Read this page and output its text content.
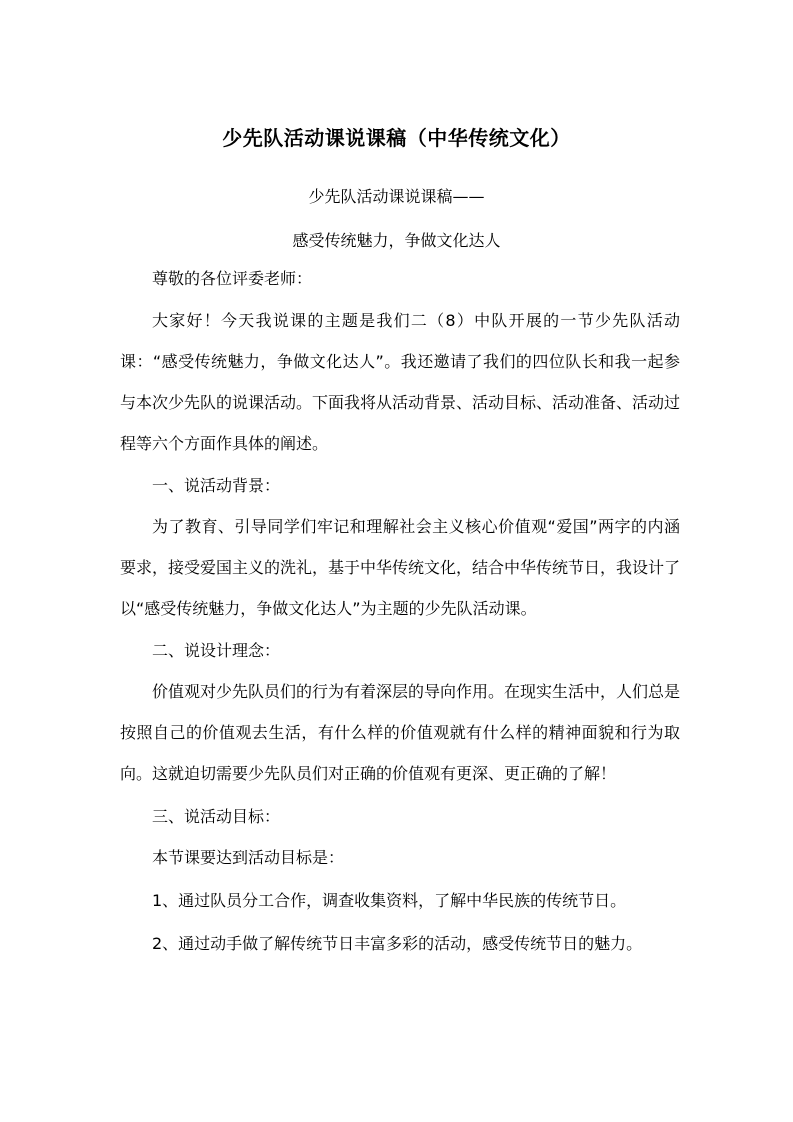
少先队活动课说课稿（中华传统文化）
少先队活动课说课稿——
感受传统魅力，争做文化达人
尊敬的各位评委老师：
大家好！今天我说课的主题是我们二（8）中队开展的一节少先队活动课：“感受传统魅力，争做文化达人”。我还邀请了我们的四位队长和我一起参与本次少先队的说课活动。下面我将从活动背景、活动目标、活动准备、活动过程等六个方面作具体的阐述。
一、说活动背景：
为了教育、引导同学们牢记和理解社会主义核心价值观“爱国”两字的内涵要求，接受爱国主义的洗礼，基于中华传统文化，结合中华传统节日，我设计了以“感受传统魅力，争做文化达人”为主题的少先队活动课。
二、说设计理念：
价值观对少先队员们的行为有着深层的导向作用。在现实生活中，人们总是按照自己的价值观去生活，有什么样的价值观就有什么样的精神面貌和行为取向。这就迫切需要少先队员们对正确的价值观有更深、更正确的了解！
三、说活动目标：
本节课要达到活动目标是：
1、通过队员分工合作，调查收集资料，了解中华民族的传统节日。
2、通过动手做了解传统节日丰富多彩的活动，感受传统节日的魅力。
